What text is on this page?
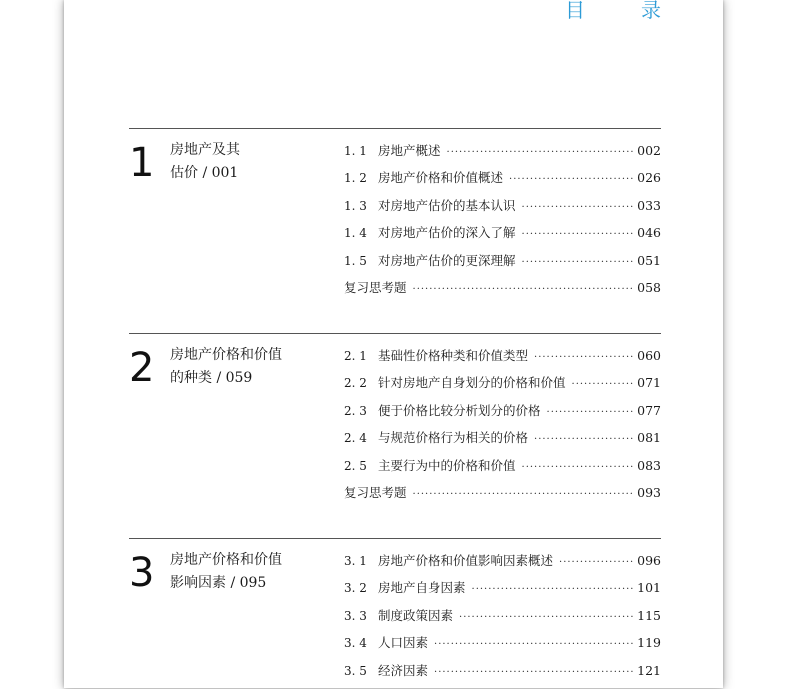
目　录
1 房地产及其
估价 / 001
1. 1 房地产概述 ·····	002
1. 2 房地产价格和价值概述 ·····	026
1. 3 对房地产估价的基本认识 ·····	033
1. 4 对房地产估价的深入了解 ·····	046
1. 5 对房地产估价的更深理解 ·····	051
复习思考题 ·····	058
2 房地产价格和价值
的种类 / 059
2. 1 基础性价格种类和价值类型 ·····	060
2. 2 针对房地产自身划分的价格和价值 ·····	071
2. 3 便于价格比较分析划分的价格 ·····	077
2. 4 与规范价格行为相关的价格 ·····	081
2. 5 主要行为中的价格和价值 ·····	083
复习思考题 ·····	093
3 房地产价格和价值
影响因素 / 095
3. 1 房地产价格和价值影响因素概述 ·····	096
3. 2 房地产自身因素 ·····	101
3. 3 制度政策因素 ·····	115
3. 4 人口因素 ·····	119
3. 5 经济因素 ·····	121
